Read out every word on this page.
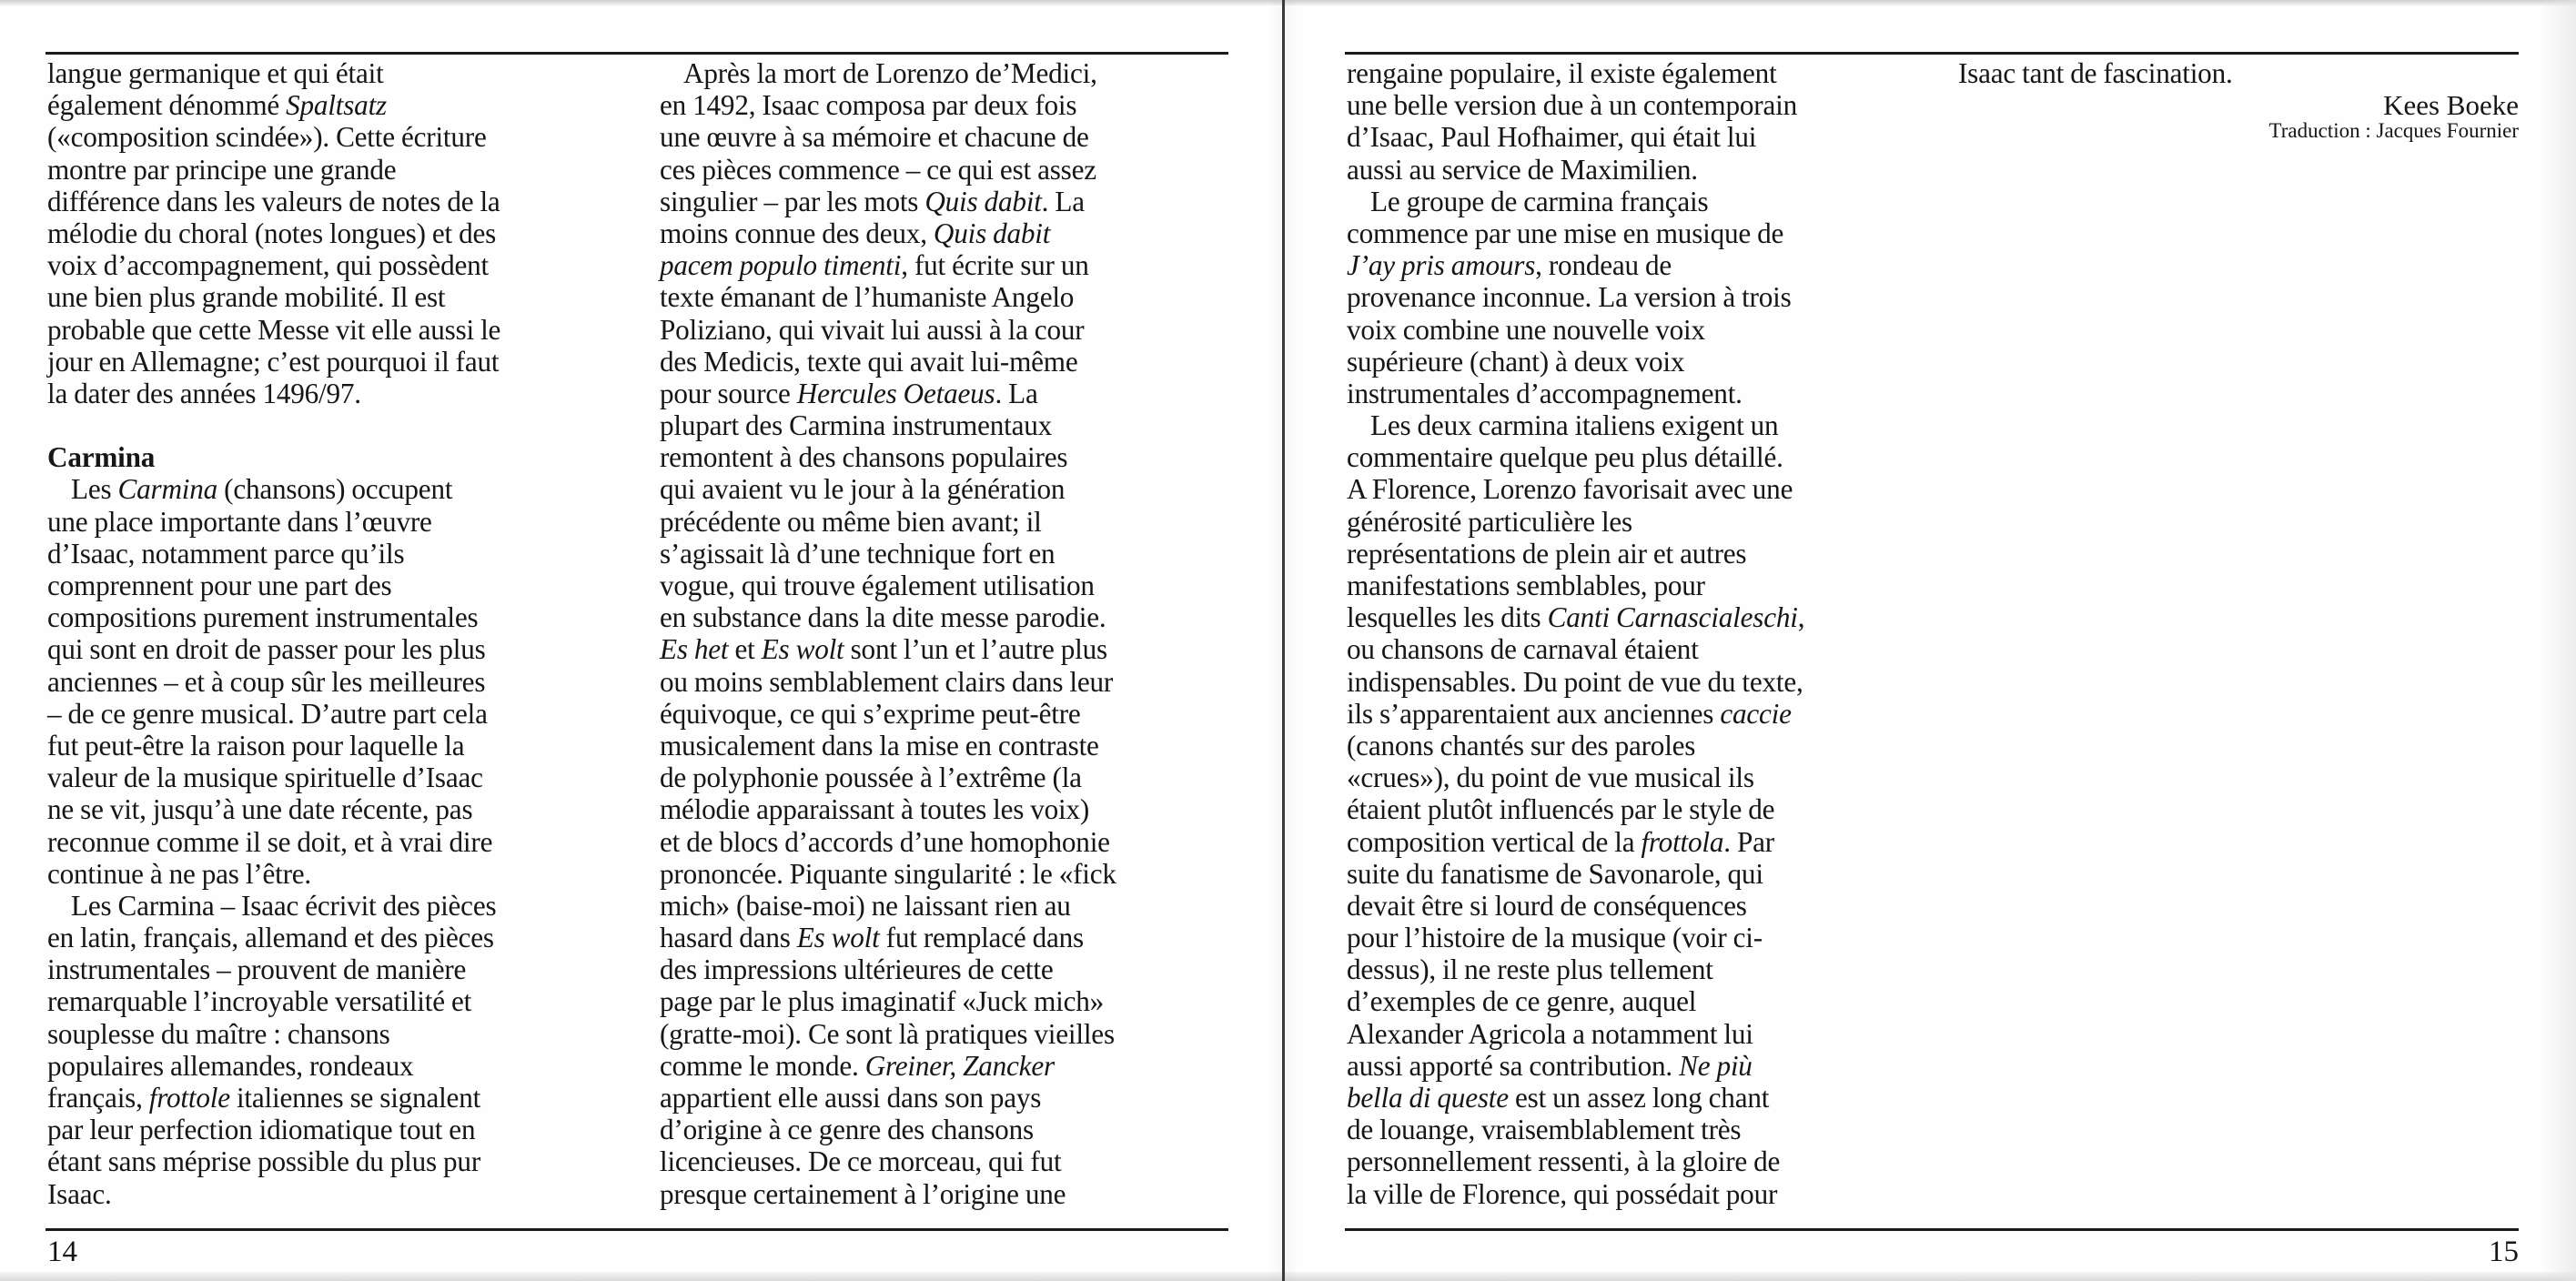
langue germanique et qui était
également dénommé Spaltsatz
(«composition scindée»). Cette écriture
montre par principe une grande
différence dans les valeurs de notes de la
mélodie du choral (notes longues) et des
voix d’accompagnement, qui possèdent
une bien plus grande mobilité. Il est
probable que cette Messe vit elle aussi le
jour en Allemagne; c’est pourquoi il faut
la dater des années 1496/97.
Carmina
Les Carmina (chansons) occupent
une place importante dans l’œuvre
d’Isaac, notamment parce qu’ils
comprennent pour une part des
compositions purement instrumentales
qui sont en droit de passer pour les plus
anciennes – et à coup sûr les meilleures
– de ce genre musical. D’autre part cela
fut peut-être la raison pour laquelle la
valeur de la musique spirituelle d’Isaac
ne se vit, jusqu’à une date récente, pas
reconnue comme il se doit, et à vrai dire
continue à ne pas l’être.
Les Carmina – Isaac écrivit des pièces
en latin, français, allemand et des pièces
instrumentales – prouvent de manière
remarquable l’incroyable versatilité et
souplesse du maître : chansons
populaires allemandes, rondeaux
français, frottole italiennes se signalent
par leur perfection idiomatique tout en
étant sans méprise possible du plus pur
Isaac.
Après la mort de Lorenzo de’Medici,
en 1492, Isaac composa par deux fois
une œuvre à sa mémoire et chacune de
ces pièces commence – ce qui est assez
singulier – par les mots Quis dabit. La
moins connue des deux, Quis dabit
pacem populo timenti, fut écrite sur un
texte émanant de l’humaniste Angelo
Poliziano, qui vivait lui aussi à la cour
des Medicis, texte qui avait lui-même
pour source Hercules Oetaeus. La
plupart des Carmina instrumentaux
remontent à des chansons populaires
qui avaient vu le jour à la génération
précédente ou même bien avant; il
s’agissait là d’une technique fort en
vogue, qui trouve également utilisation
en substance dans la dite messe parodie.
Es het et Es wolt sont l’un et l’autre plus
ou moins semblablement clairs dans leur
équivoque, ce qui s’exprime peut-être
musicalement dans la mise en contraste
de polyphonie poussée à l’extrême (la
mélodie apparaissant à toutes les voix)
et de blocs d’accords d’une homophonie
prononcée. Piquante singularité : le «fick
mich» (baise-moi) ne laissant rien au
hasard dans Es wolt fut remplacé dans
des impressions ultérieures de cette
page par le plus imaginatif «Juck mich»
(gratte-moi). Ce sont là pratiques vieilles
comme le monde. Greiner, Zancker
appartient elle aussi dans son pays
d’origine à ce genre des chansons
licencieuses. De ce morceau, qui fut
presque certainement à l’origine une
14
rengaine populaire, il existe également
une belle version due à un contemporain
d’Isaac, Paul Hofhaimer, qui était lui
aussi au service de Maximilien.
Le groupe de carmina français
commence par une mise en musique de
J’ay pris amours, rondeau de
provenance inconnue. La version à trois
voix combine une nouvelle voix
supérieure (chant) à deux voix
instrumentales d’accompagnement.
Les deux carmina italiens exigent un
commentaire quelque peu plus détaillé.
A Florence, Lorenzo favorisait avec une
générosité particulière les
représentations de plein air et autres
manifestations semblables, pour
lesquelles les dits Canti Carnascialeschi,
ou chansons de carnaval étaient
indispensables. Du point de vue du texte,
ils s’apparentaient aux anciennes caccie
(canons chantés sur des paroles
«crues»), du point de vue musical ils
étaient plutôt influencés par le style de
composition vertical de la frottola. Par
suite du fanatisme de Savonarole, qui
devait être si lourd de conséquences
pour l’histoire de la musique (voir ci-
dessus), il ne reste plus tellement
d’exemples de ce genre, auquel
Alexander Agricola a notamment lui
aussi apporté sa contribution. Ne più
bella di queste est un assez long chant
de louange, vraisemblablement très
personnellement ressenti, à la gloire de
la ville de Florence, qui possédait pour
Isaac tant de fascination.
Kees Boeke
Traduction : Jacques Fournier
15
